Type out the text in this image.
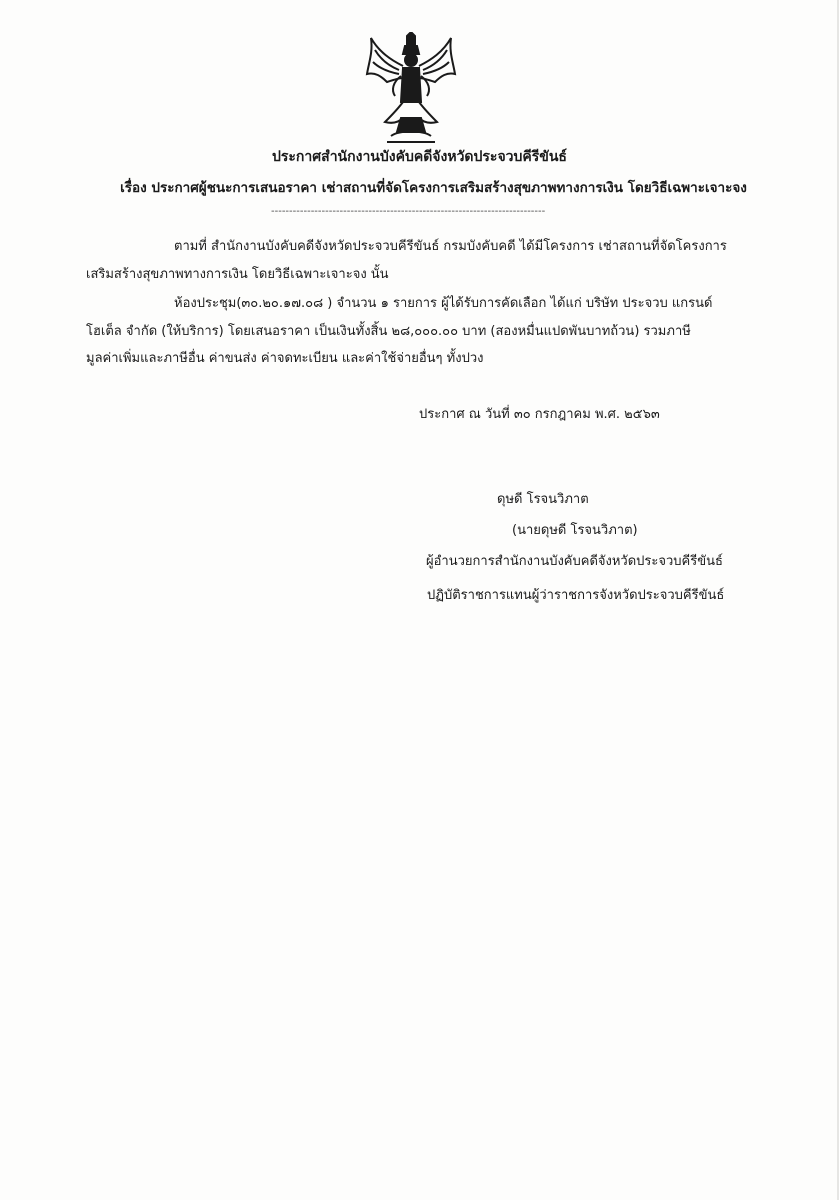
ประกาศสำนักงานบังคับคดีจังหวัดประจวบคีรีขันธ์
เรื่อง ประกาศผู้ชนะการเสนอราคา เช่าสถานที่จัดโครงการเสริมสร้างสุขภาพทางการเงิน โดยวิธีเฉพาะเจาะจง
----------------------------------------------------------------------------
ตามที่ สำนักงานบังคับคดีจังหวัดประจวบคีรีขันธ์ กรมบังคับคดี ได้มีโครงการ เช่าสถานที่จัดโครงการ
เสริมสร้างสุขภาพทางการเงิน โดยวิธีเฉพาะเจาะจง นั้น
ห้องประชุม(๓๐.๒๐.๑๗.๐๘ ) จำนวน ๑ รายการ ผู้ได้รับการคัดเลือก ได้แก่ บริษัท ประจวบ แกรนด์
โฮเต็ล จำกัด (ให้บริการ) โดยเสนอราคา เป็นเงินทั้งสิ้น ๒๘,๐๐๐.๐๐ บาท (สองหมื่นแปดพันบาทถ้วน) รวมภาษี
มูลค่าเพิ่มและภาษีอื่น ค่าขนส่ง ค่าจดทะเบียน และค่าใช้จ่ายอื่นๆ ทั้งปวง
ประกาศ ณ วันที่ ๓๐ กรกฎาคม พ.ศ. ๒๕๖๓
ดุษดี โรจนวิภาต
(นายดุษดี โรจนวิภาต)
ผู้อำนวยการสำนักงานบังคับคดีจังหวัดประจวบคีรีขันธ์
ปฏิบัติราชการแทนผู้ว่าราชการจังหวัดประจวบคีรีขันธ์
